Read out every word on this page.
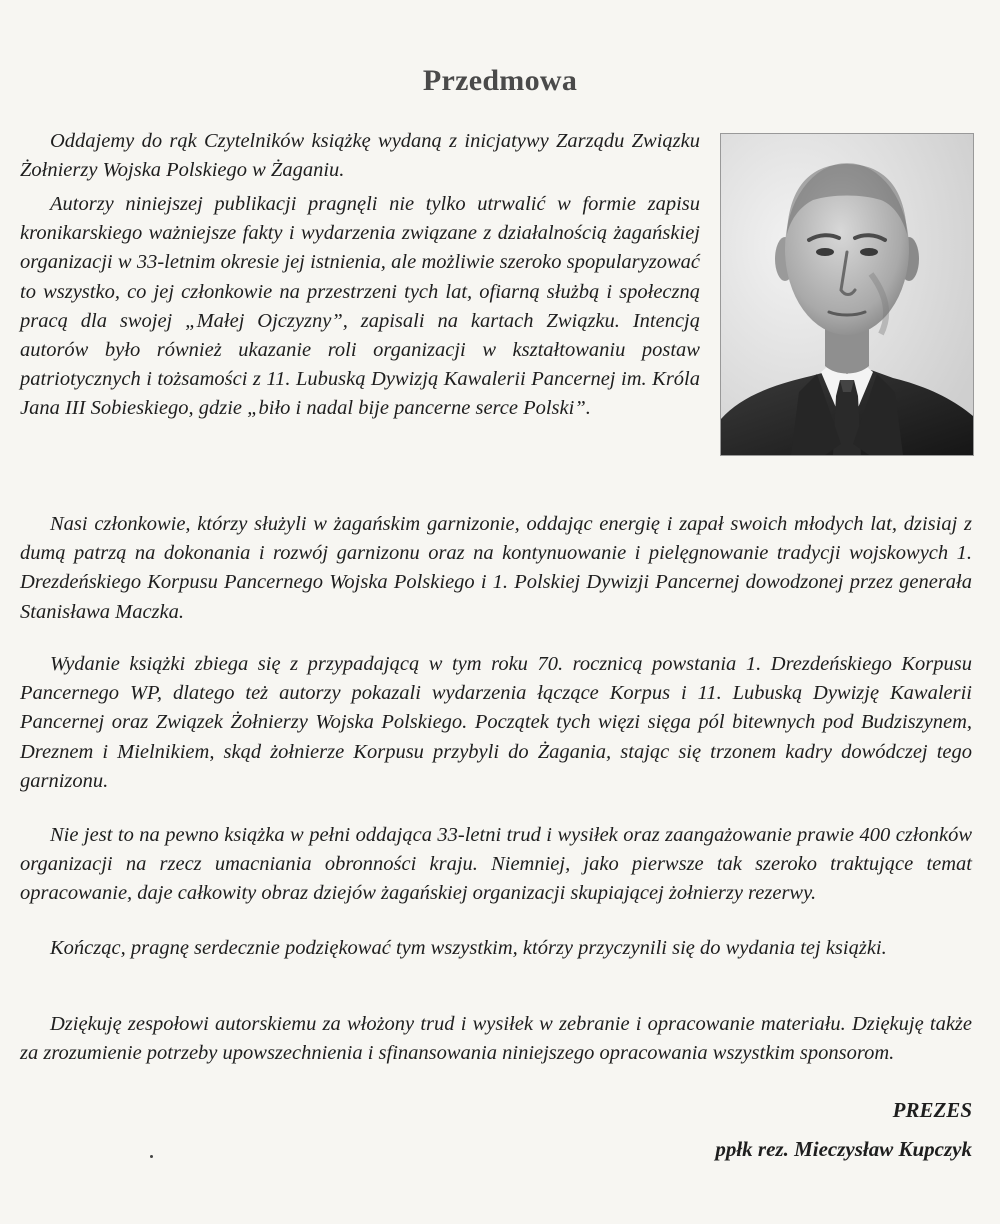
Przedmowa

Oddajemy do rąk Czytelników książkę wydaną z inicjatywy Zarządu Związku Żołnierzy Wojska Polskiego w Żaganiu.

Autorzy niniejszej publikacji pragnęli nie tylko utrwalić w formie zapisu kronikarskiego ważniejsze fakty i wydarzenia związane z działalnością żagańskiej organizacji w 33-letnim okresie jej istnienia, ale możliwie szeroko spopularyzować to wszystko, co jej członkowie na przestrzeni tych lat, ofiarną służbą i społeczną pracą dla swojej „Małej Ojczyzny”, zapisali na kartach Związku. Intencją autorów było również ukazanie roli organizacji w kształtowaniu postaw patriotycznych i tożsamości z 11. Lubuską Dywizją Kawalerii Pancernej im. Króla Jana III Sobieskiego, gdzie „biło i nadal bije pancerne serce Polski”.

Nasi członkowie, którzy służyli w żagańskim garnizonie, oddając energię i zapał swoich młodych lat, dzisiaj z dumą patrzą na dokonania i rozwój garnizonu oraz na kontynuowanie i pielęgnowanie tradycji wojskowych 1. Drezdeńskiego Korpusu Pancernego Wojska Polskiego i 1. Polskiej Dywizji Pancernej dowodzonej przez generała Stanisława Maczka.

Wydanie książki zbiega się z przypadającą w tym roku 70. rocznicą powstania 1. Drezdeńskiego Korpusu Pancernego WP, dlatego też autorzy pokazali wydarzenia łączące Korpus i 11. Lubuską Dywizję Kawalerii Pancernej oraz Związek Żołnierzy Wojska Polskiego. Początek tych więzi sięga pól bitewnych pod Budziszynem, Dreznem i Mielnikiem, skąd żołnierze Korpusu przybyli do Żagania, stając się trzonem kadry dowódczej tego garnizonu.

Nie jest to na pewno książka w pełni oddająca 33-letni trud i wysiłek oraz zaangażowanie prawie 400 członków organizacji na rzecz umacniania obronności kraju. Niemniej, jako pierwsze tak szeroko traktujące temat opracowanie, daje całkowity obraz dziejów żagańskiej organizacji skupiającej żołnierzy rezerwy.

Kończąc, pragnę serdecznie podziękować tym wszystkim, którzy przyczynili się do wydania tej książki.

Dziękuję zespołowi autorskiemu za włożony trud i wysiłek w zebranie i opracowanie materiału. Dziękuję także za zrozumienie potrzeby upowszechnienia i sfinansowania niniejszego opracowania wszystkim sponsorom.

PREZES
ppłk rez. Mieczysław Kupczyk
